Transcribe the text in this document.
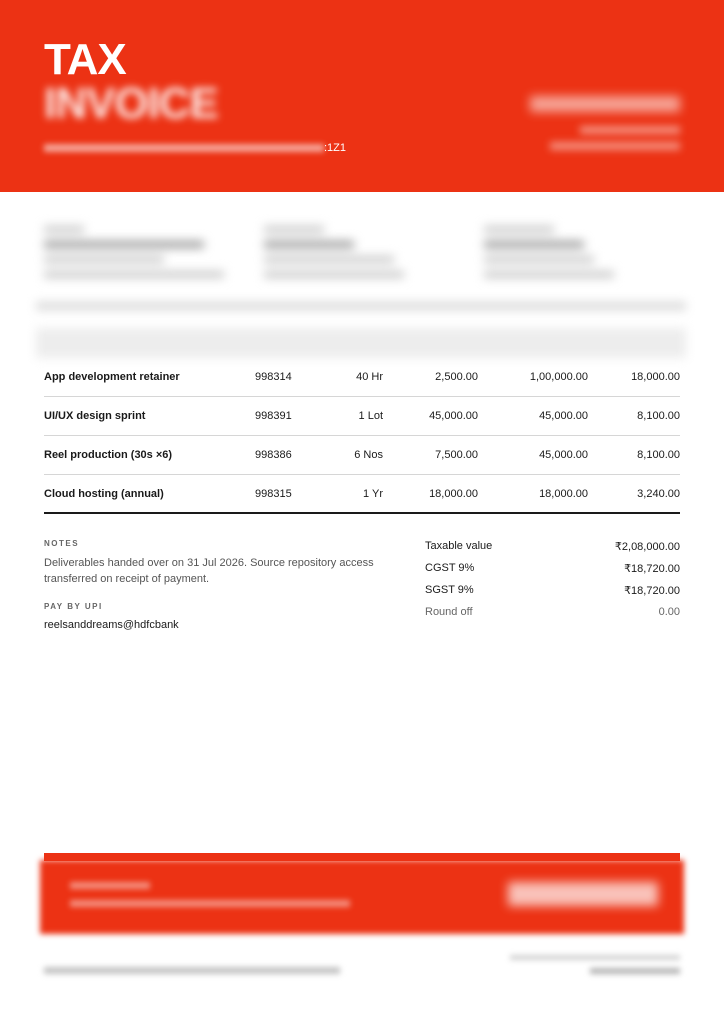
TAX
INVOICE
:1Z1
App development retainer	998314	40 Hr	2,500.00	1,00,000.00	18,000.00
UI/UX design sprint	998391	1 Lot	45,000.00	45,000.00	8,100.00
Reel production (30s ×6)	998386	6 Nos	7,500.00	45,000.00	8,100.00
Cloud hosting (annual)	998315	1 Yr	18,000.00	18,000.00	3,240.00
NOTES
Deliverables handed over on 31 Jul 2026. Source repository access transferred on receipt of payment.
PAY BY UPI
reelsanddreams@hdfcbank
Taxable value	₹2,08,000.00
CGST 9%	₹18,720.00
SGST 9%	₹18,720.00
Round off	0.00
